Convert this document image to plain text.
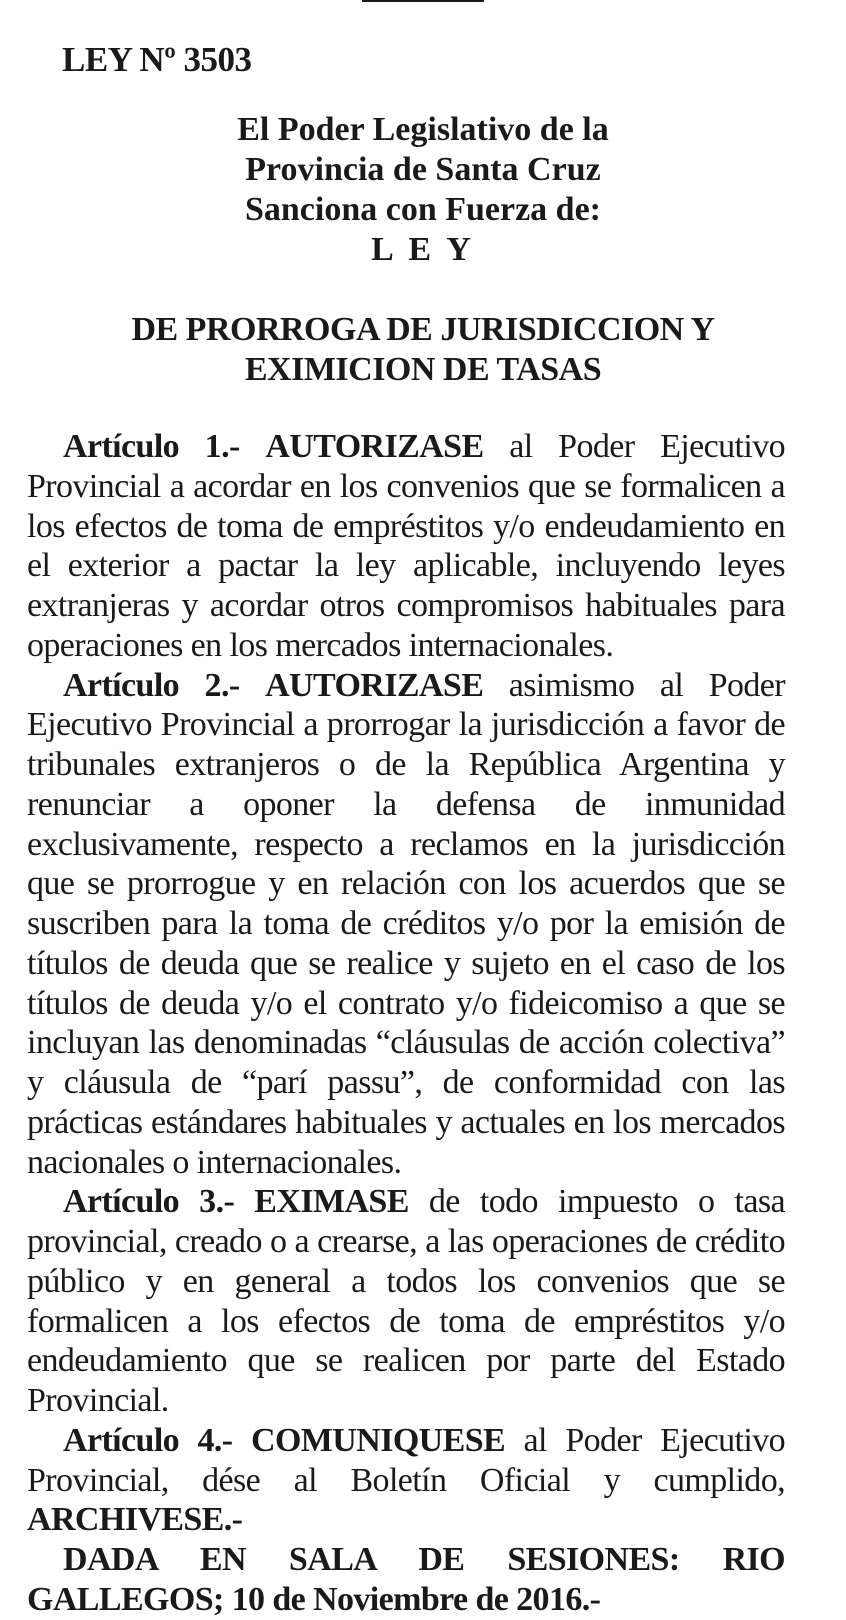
LEY Nº 3503
El Poder Legislativo de la
Provincia de Santa Cruz
Sanciona con Fuerza de:
L E Y
DE PRORROGA DE JURISDICCION Y
EXIMICION DE TASAS

Artículo 1.- AUTORIZASE al Poder Ejecutivo Provincial a acordar en los convenios que se formalicen a los efectos de toma de empréstitos y/o endeudamiento en el exterior a pactar la ley aplicable, incluyendo leyes extranjeras y acordar otros compromisos habituales para operaciones en los mercados internacionales.

Artículo 2.- AUTORIZASE asimismo al Poder Ejecutivo Provincial a prorrogar la jurisdicción a favor de tribunales extranjeros o de la República Argentina y renunciar a oponer la defensa de inmunidad exclusivamente, respecto a reclamos en la jurisdicción que se prorrogue y en relación con los acuerdos que se suscriben para la toma de créditos y/o por la emisión de títulos de deuda que se realice y sujeto en el caso de los títulos de deuda y/o el contrato y/o fideicomiso a que se incluyan las denominadas “cláusulas de acción colectiva” y cláusula de “parí passu”, de conformidad con las prácticas estándares habituales y actuales en los mercados nacionales o internacionales.

Artículo 3.- EXIMASE de todo impuesto o tasa provincial, creado o a crearse, a las operaciones de crédito público y en general a todos los convenios que se formalicen a los efectos de toma de empréstitos y/o endeudamiento que se realicen por parte del Estado Provincial.

Artículo 4.- COMUNIQUESE al Poder Ejecutivo Provincial, dése al Boletín Oficial y cumplido, ARCHIVESE.-

DADA EN SALA DE SESIONES: RIO GALLEGOS; 10 de Noviembre de 2016.-
